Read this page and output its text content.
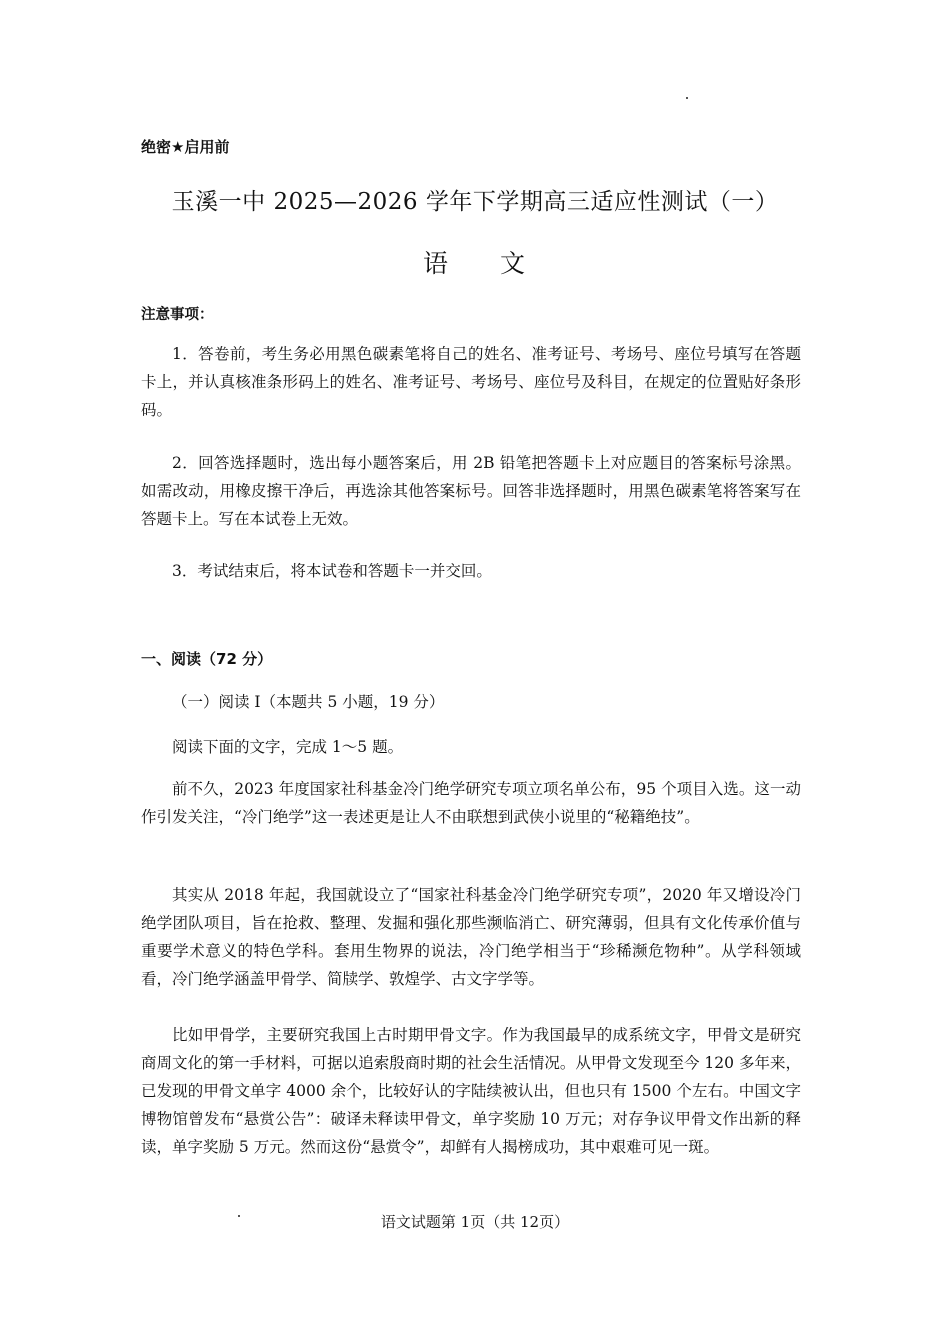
绝密★启用前
玉溪一中 2025—2026 学年下学期高三适应性测试（一）
语 文
注意事项：
1．答卷前，考生务必用黑色碳素笔将自己的姓名、准考证号、考场号、座位号填写在答题卡上，并认真核准条形码上的姓名、准考证号、考场号、座位号及科目，在规定的位置贴好条形码。
2．回答选择题时，选出每小题答案后，用 2B 铅笔把答题卡上对应题目的答案标号涂黑。如需改动，用橡皮擦干净后，再选涂其他答案标号。回答非选择题时，用黑色碳素笔将答案写在答题卡上。写在本试卷上无效。
3．考试结束后，将本试卷和答题卡一并交回。
一、阅读（72 分）
（一）阅读 I（本题共 5 小题，19 分）
阅读下面的文字，完成 1～5 题。
前不久，2023 年度国家社科基金冷门绝学研究专项立项名单公布，95 个项目入选。这一动作引发关注，“冷门绝学”这一表述更是让人不由联想到武侠小说里的“秘籍绝技”。
其实从 2018 年起，我国就设立了“国家社科基金冷门绝学研究专项”，2020 年又增设冷门绝学团队项目，旨在抢救、整理、发掘和强化那些濒临消亡、研究薄弱，但具有文化传承价值与重要学术意义的特色学科。套用生物界的说法，冷门绝学相当于“珍稀濒危物种”。从学科领域看，冷门绝学涵盖甲骨学、简牍学、敦煌学、古文字学等。
比如甲骨学，主要研究我国上古时期甲骨文字。作为我国最早的成系统文字，甲骨文是研究商周文化的第一手材料，可据以追索殷商时期的社会生活情况。从甲骨文发现至今 120 多年来，已发现的甲骨文单字 4000 余个，比较好认的字陆续被认出，但也只有 1500 个左右。中国文字博物馆曾发布“悬赏公告”：破译未释读甲骨文，单字奖励 10 万元；对存争议甲骨文作出新的释读，单字奖励 5 万元。然而这份“悬赏令”，却鲜有人揭榜成功，其中艰难可见一斑。
语文试题第 1页（共 12页）
